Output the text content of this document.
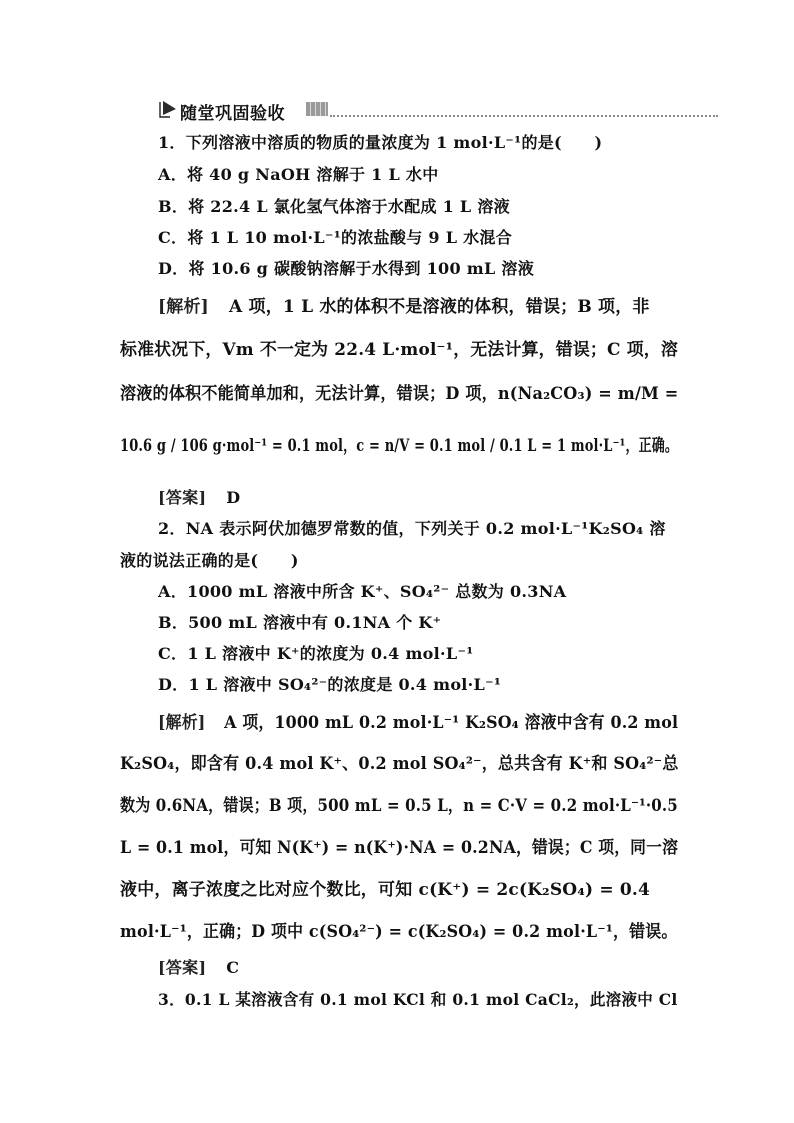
随堂巩固验收
1．下列溶液中溶质的物质的量浓度为 1 mol·L⁻¹的是(　　)
A．将 40 g NaOH 溶解于 1 L 水中
B．将 22.4 L 氯化氢气体溶于水配成 1 L 溶液
C．将 1 L 10 mol·L⁻¹的浓盐酸与 9 L 水混合
D．将 10.6 g 碳酸钠溶解于水得到 100 mL 溶液
[解析] A 项，1 L 水的体积不是溶液的体积，错误；B 项，非
标准状况下，Vm 不一定为 22.4 L·mol⁻¹，无法计算，错误；C 项，溶
溶液的体积不能简单加和，无法计算，错误；D 项，n(Na₂CO₃) = m/M =
10.6 g / 106 g·mol⁻¹ = 0.1 mol，c = n/V = 0.1 mol / 0.1 L = 1 mol·L⁻¹，正确。
[答案] D
2．NA 表示阿伏加德罗常数的值，下列关于 0.2 mol·L⁻¹K₂SO₄ 溶
液的说法正确的是(　　)
A．1000 mL 溶液中所含 K⁺、SO₄²⁻ 总数为 0.3NA
B．500 mL 溶液中有 0.1NA 个 K⁺
C．1 L 溶液中 K⁺的浓度为 0.4 mol·L⁻¹
D．1 L 溶液中 SO₄²⁻的浓度是 0.4 mol·L⁻¹
[解析] A 项，1000 mL 0.2 mol·L⁻¹ K₂SO₄ 溶液中含有 0.2 mol
K₂SO₄，即含有 0.4 mol K⁺、0.2 mol SO₄²⁻，总共含有 K⁺和 SO₄²⁻总
数为 0.6NA，错误；B 项，500 mL = 0.5 L，n = C·V = 0.2 mol·L⁻¹·0.5
L = 0.1 mol，可知 N(K⁺) = n(K⁺)·NA = 0.2NA，错误；C 项，同一溶
液中，离子浓度之比对应个数比，可知 c(K⁺) = 2c(K₂SO₄) = 0.4
mol·L⁻¹，正确；D 项中 c(SO₄²⁻) = c(K₂SO₄) = 0.2 mol·L⁻¹，错误。
[答案] C
3．0.1 L 某溶液含有 0.1 mol KCl 和 0.1 mol CaCl₂，此溶液中 Cl
